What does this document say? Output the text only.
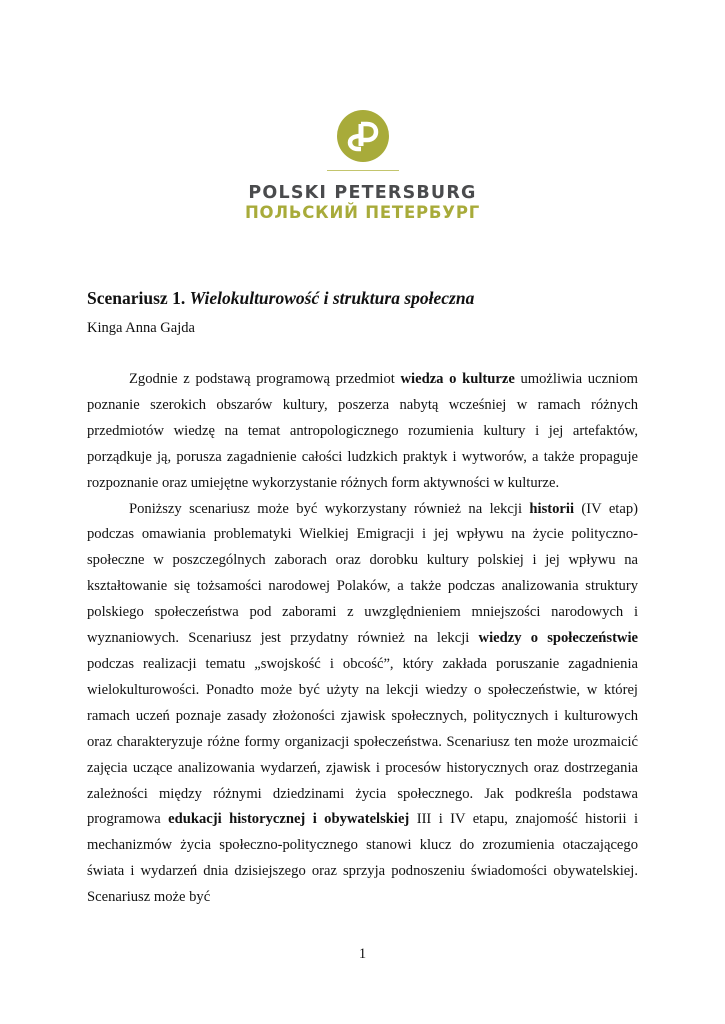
POLSKI PETERSBURG
ПОЛЬСКИЙ ПЕТЕРБУРГ
Scenariusz 1. Wielokulturowość i struktura społeczna
Kinga Anna Gajda

Zgodnie z podstawą programową przedmiot wiedza o kulturze umożliwia uczniom poznanie szerokich obszarów kultury, poszerza nabytą wcześniej w ramach różnych przedmiotów wiedzę na temat antropologicznego rozumienia kultury i jej artefaktów, porządkuje ją, porusza zagadnienie całości ludzkich praktyk i wytworów, a także propaguje rozpoznanie oraz umiejętne wykorzystanie różnych form aktywności w kulturze.

Poniższy scenariusz może być wykorzystany również na lekcji historii (IV etap) podczas omawiania problematyki Wielkiej Emigracji i jej wpływu na życie polityczno-społeczne w poszczególnych zaborach oraz dorobku kultury polskiej i jej wpływu na kształtowanie się tożsamości narodowej Polaków, a także podczas analizowania struktury polskiego społeczeństwa pod zaborami z uwzględnieniem mniejszości narodowych i wyznaniowych. Scenariusz jest przydatny również na lekcji wiedzy o społeczeństwie podczas realizacji tematu „swojskość i obcość”, który zakłada poruszanie zagadnienia wielokulturowości. Ponadto może być użyty na lekcji wiedzy o społeczeństwie, w której ramach uczeń poznaje zasady złożoności zjawisk społecznych, politycznych i kulturowych oraz charakteryzuje różne formy organizacji społeczeństwa. Scenariusz ten może urozmaicić zajęcia uczące analizowania wydarzeń, zjawisk i procesów historycznych oraz dostrzegania zależności między różnymi dziedzinami życia społecznego. Jak podkreśla podstawa programowa edukacji historycznej i obywatelskiej III i IV etapu, znajomość historii i mechanizmów życia społeczno-politycznego stanowi klucz do zrozumienia otaczającego świata i wydarzeń dnia dzisiejszego oraz sprzyja podnoszeniu świadomości obywatelskiej. Scenariusz może być

1
